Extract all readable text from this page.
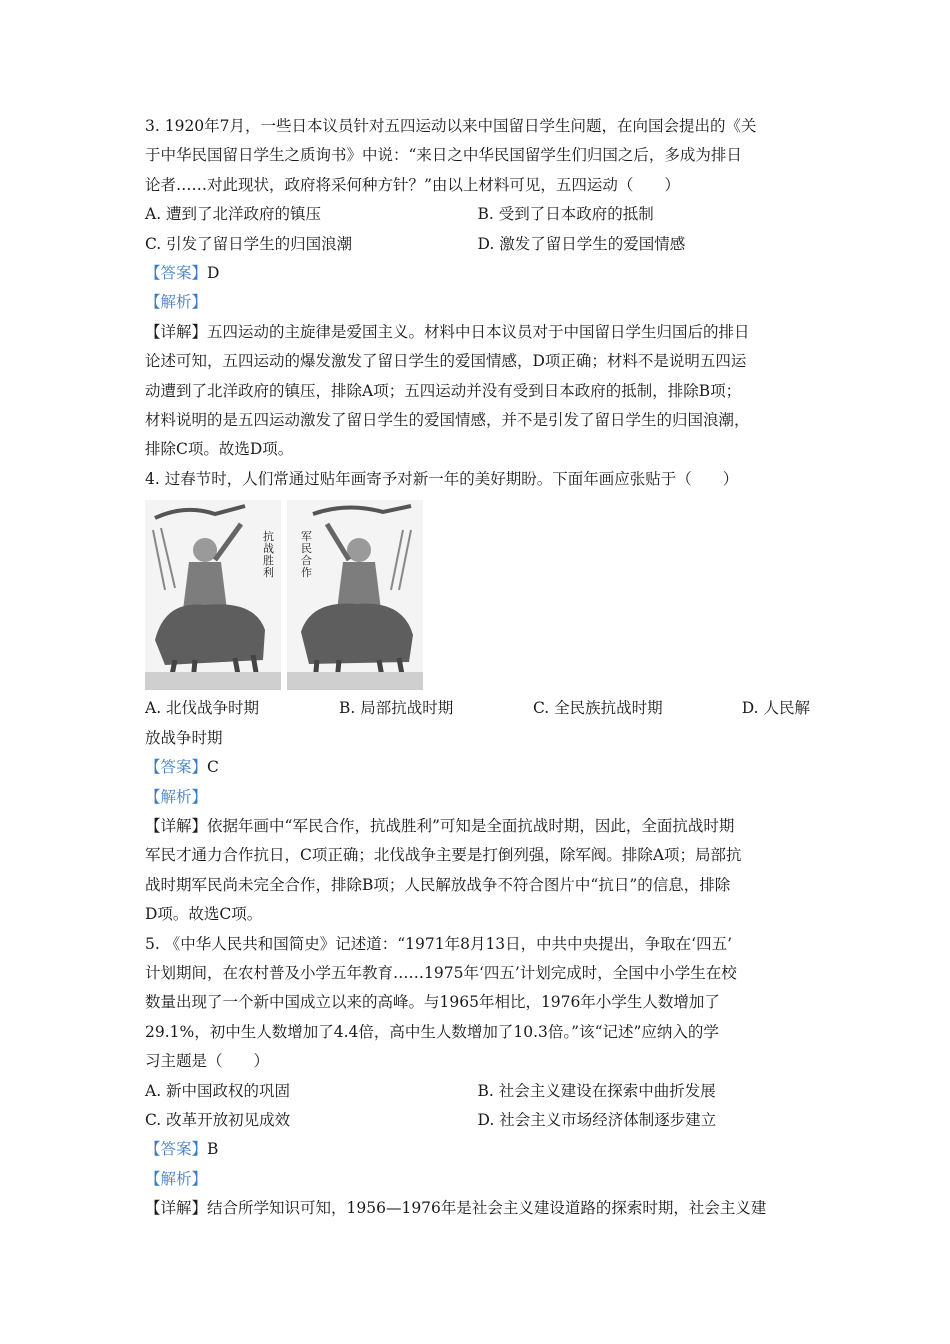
3. 1920年7月，一些日本议员针对五四运动以来中国留日学生问题，在向国会提出的《关
于中华民国留日学生之质询书》中说：“来日之中华民国留学生们归国之后，多成为排日
论者……对此现状，政府将采何种方针？”由以上材料可见，五四运动（　　）
A. 遭到了北洋政府的镇压	B. 受到了日本政府的抵制
C. 引发了留日学生的归国浪潮	D. 激发了留日学生的爱国情感
【答案】D
【解析】
【详解】五四运动的主旋律是爱国主义。材料中日本议员对于中国留日学生归国后的排日
论述可知，五四运动的爆发激发了留日学生的爱国情感，D项正确；材料不是说明五四运
动遭到了北洋政府的镇压，排除A项；五四运动并没有受到日本政府的抵制，排除B项；
材料说明的是五四运动激发了留日学生的爱国情感，并不是引发了留日学生的归国浪潮，
排除C项。故选D项。
4. 过春节时，人们常通过贴年画寄予对新一年的美好期盼。下面年画应张贴于（　　）
抗战胜利
军民合作
A. 北伐战争时期	B. 局部抗战时期	C. 全民族抗战时期	D. 人民解
放战争时期
【答案】C
【解析】
【详解】依据年画中“军民合作，抗战胜利”可知是全面抗战时期，因此，全面抗战时期
军民才通力合作抗日，C项正确；北伐战争主要是打倒列强，除军阀。排除A项；局部抗
战时期军民尚未完全合作，排除B项；人民解放战争不符合图片中“抗日”的信息，排除
D项。故选C项。
5. 《中华人民共和国简史》记述道：“1971年8月13日，中共中央提出，争取在‘四五’
计划期间，在农村普及小学五年教育……1975年‘四五’计划完成时，全国中小学生在校
数量出现了一个新中国成立以来的高峰。与1965年相比，1976年小学生人数增加了
29.1%，初中生人数增加了4.4倍，高中生人数增加了10.3倍。”该“记述”应纳入的学
习主题是（　　）
A. 新中国政权的巩固	B. 社会主义建设在探索中曲折发展
C. 改革开放初见成效	D. 社会主义市场经济体制逐步建立
【答案】B
【解析】
【详解】结合所学知识可知，1956—1976年是社会主义建设道路的探索时期，社会主义建
